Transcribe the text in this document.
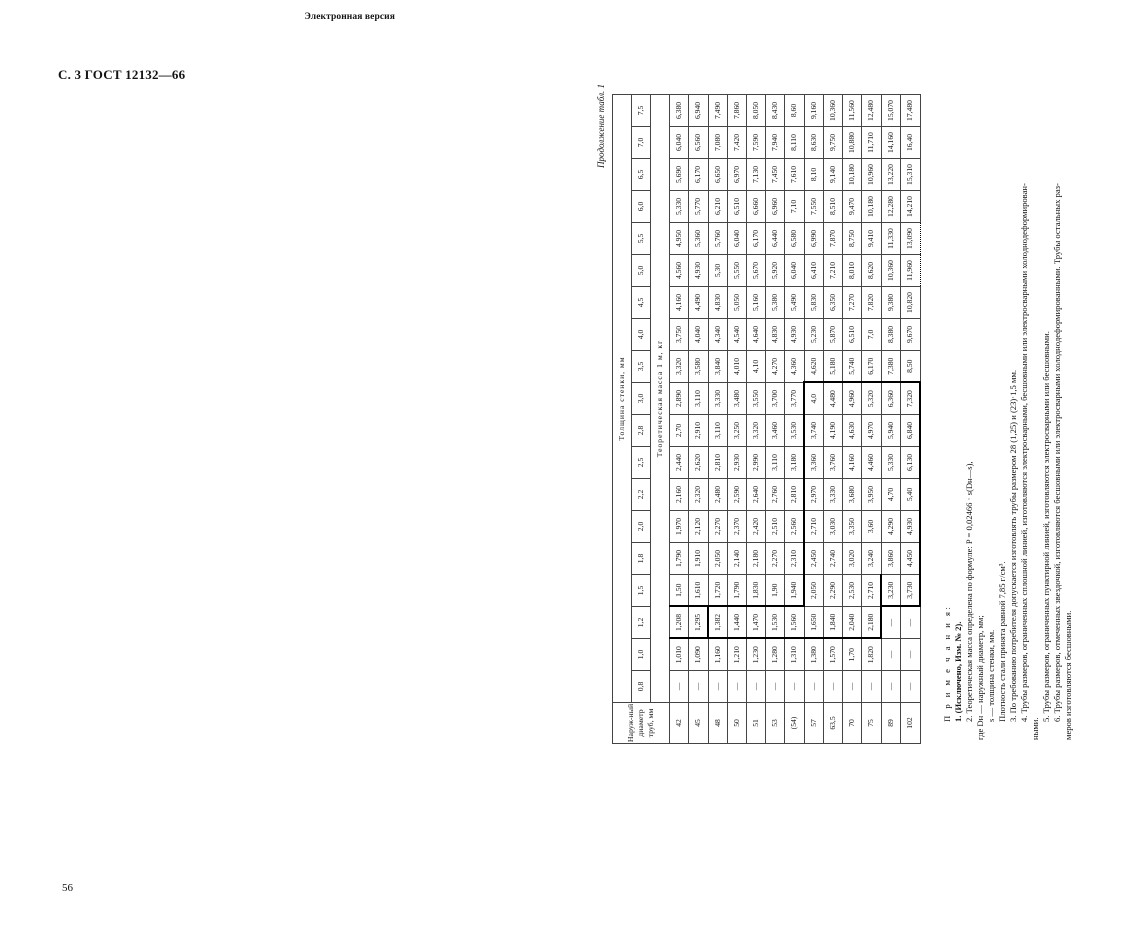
Электронная версия
С. 3 ГОСТ 12132—66
56
Продолжение табл. 1
Наруж-ный диаметр труб, мм	Толщина стенки, мм																		
	0,8	1,0	1,2	1,5	1,8	2,0	2,2	2,5	2,8	3,0	3,5	4,0	4,5	5,0	5,5	6,0	6,5	7,0	7,5
	Теоретическая масса 1 м, кг																		
42	—	1,010	1,208	1,50	1,790	1,970	2,160	2,440	2,70	2,890	3,320	3,750	4,160	4,560	4,950	5,330	5,690	6,040	6,380
45	—	1,090	1,295	1,610	1,910	2,120	2,320	2,620	2,910	3,110	3,580	4,040	4,490	4,930	5,360	5,770	6,170	6,560	6,940
48	—	1,160	1,382	1,720	2,050	2,270	2,480	2,810	3,110	3,330	3,840	4,340	4,830	5,30	5,760	6,210	6,650	7,080	7,490
50	—	1,210	1,440	1,790	2,140	2,370	2,590	2,930	3,250	3,480	4,010	4,540	5,050	5,550	6,040	6,510	6,970	7,420	7,860
51	—	1,230	1,470	1,830	2,180	2,420	2,640	2,990	3,320	3,550	4,10	4,640	5,160	5,670	6,170	6,660	7,130	7,590	8,050
53	—	1,280	1,530	1,90	2,270	2,510	2,760	3,110	3,460	3,700	4,270	4,830	5,380	5,920	6,440	6,960	7,450	7,940	8,430
(54)	—	1,310	1,560	1,940	2,310	2,560	2,810	3,180	3,530	3,770	4,360	4,930	5,490	6,040	6,580	7,10	7,610	8,110	8,60
57	—	1,380	1,650	2,050	2,450	2,710	2,970	3,360	3,740	4,0	4,620	5,230	5,830	6,410	6,990	7,550	8,10	8,630	9,160
63,5	—	1,570	1,840	2,290	2,740	3,030	3,330	3,760	4,190	4,480	5,180	5,870	6,350	7,210	7,870	8,510	9,140	9,750	10,360
70	—	1,70	2,040	2,530	3,020	3,350	3,680	4,160	4,630	4,960	5,740	6,510	7,270	8,010	8,750	9,470	10,180	10,880	11,560
75	—	1,820	2,180	2,710	3,240	3,60	3,950	4,460	4,970	5,320	6,170	7,0	7,820	8,620	9,410	10,180	10,960	11,710	12,480
89	—	—	—	3,230	3,860	4,290	4,70	5,330	5,940	6,360	7,380	8,380	9,380	10,360	11,330	12,280	13,220	14,160	15,070
102	—	—	—	3,730	4,450	4,930	5,40	6,130	6,840	7,320	8,50	9,670	10,820	11,960	13,090	14,210	15,310	16,40	17,480

П р и м е ч а н и я: 1. (Исключено, Изм. № 2). 2. Теоретическая масса определена по формуле: P = 0,02466 · s(Dн—s), где Dн — наружный диаметр, мм; s — толщина стенки, мм. Плотность стали принята равной 7,85 г/см³. 3. По требованию потребителя допускается изготовлять трубы размером 28 (1,25) и (23)·1,5 мм. 4. Трубы размеров, ограниченных сплошной линией, изготовляются электросварными, бесшовными или электросварными холоднодеформирован-

ными.

5. Трубы размеров, ограниченных пунктирной линией, изготовляются электросварными или бесшовными. 6. Трубы размеров, отмеченных звездочкой, изготовляются бесшовными или электросварными холоднодеформированными. Трубы остальных раз- меров изготовляются бесшовными.
